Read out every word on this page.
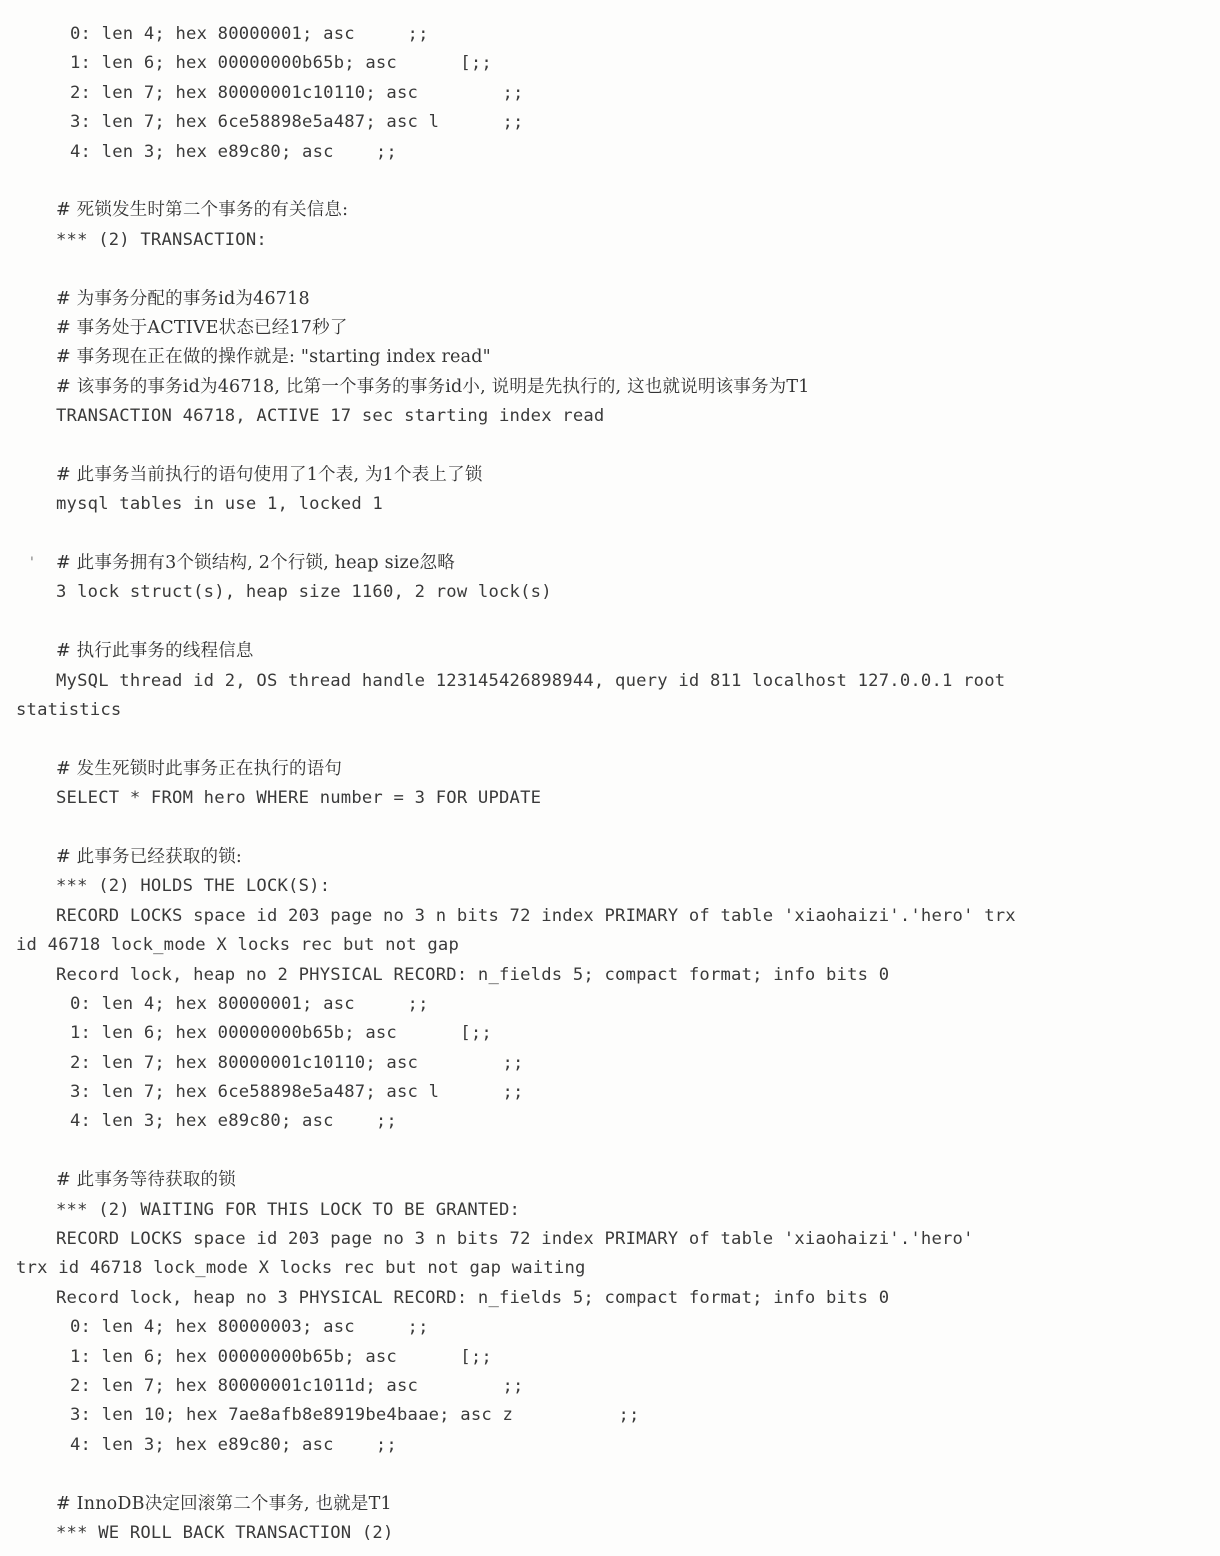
0: len 4; hex 80000001; asc     ;;
1: len 6; hex 00000000b65b; asc      [;;
2: len 7; hex 80000001c10110; asc        ;;
3: len 7; hex 6ce58898e5a487; asc l      ;;
4: len 3; hex e89c80; asc    ;;
# 死锁发生时第二个事务的有关信息:
*** (2) TRANSACTION:
# 为事务分配的事务id为46718
# 事务处于ACTIVE状态已经17秒了
# 事务现在正在做的操作就是: "starting index read"
# 该事务的事务id为46718, 比第一个事务的事务id小, 说明是先执行的, 这也就说明该事务为T1
TRANSACTION 46718, ACTIVE 17 sec starting index read
# 此事务当前执行的语句使用了1个表, 为1个表上了锁
mysql tables in use 1, locked 1
# 此事务拥有3个锁结构, 2个行锁, heap size忽略
'
3 lock struct(s), heap size 1160, 2 row lock(s)
# 执行此事务的线程信息
MySQL thread id 2, OS thread handle 123145426898944, query id 811 localhost 127.0.0.1 root
statistics
# 发生死锁时此事务正在执行的语句
SELECT * FROM hero WHERE number = 3 FOR UPDATE
# 此事务已经获取的锁:
*** (2) HOLDS THE LOCK(S):
RECORD LOCKS space id 203 page no 3 n bits 72 index PRIMARY of table 'xiaohaizi'.'hero' trx
id 46718 lock_mode X locks rec but not gap
Record lock, heap no 2 PHYSICAL RECORD: n_fields 5; compact format; info bits 0
0: len 4; hex 80000001; asc     ;;
1: len 6; hex 00000000b65b; asc      [;;
2: len 7; hex 80000001c10110; asc        ;;
3: len 7; hex 6ce58898e5a487; asc l      ;;
4: len 3; hex e89c80; asc    ;;
# 此事务等待获取的锁
*** (2) WAITING FOR THIS LOCK TO BE GRANTED:
RECORD LOCKS space id 203 page no 3 n bits 72 index PRIMARY of table 'xiaohaizi'.'hero'
trx id 46718 lock_mode X locks rec but not gap waiting
Record lock, heap no 3 PHYSICAL RECORD: n_fields 5; compact format; info bits 0
0: len 4; hex 80000003; asc     ;;
1: len 6; hex 00000000b65b; asc      [;;
2: len 7; hex 80000001c1011d; asc        ;;
3: len 10; hex 7ae8afb8e8919be4baae; asc z          ;;
4: len 3; hex e89c80; asc    ;;
# InnoDB决定回滚第二个事务, 也就是T1
*** WE ROLL BACK TRANSACTION (2)
